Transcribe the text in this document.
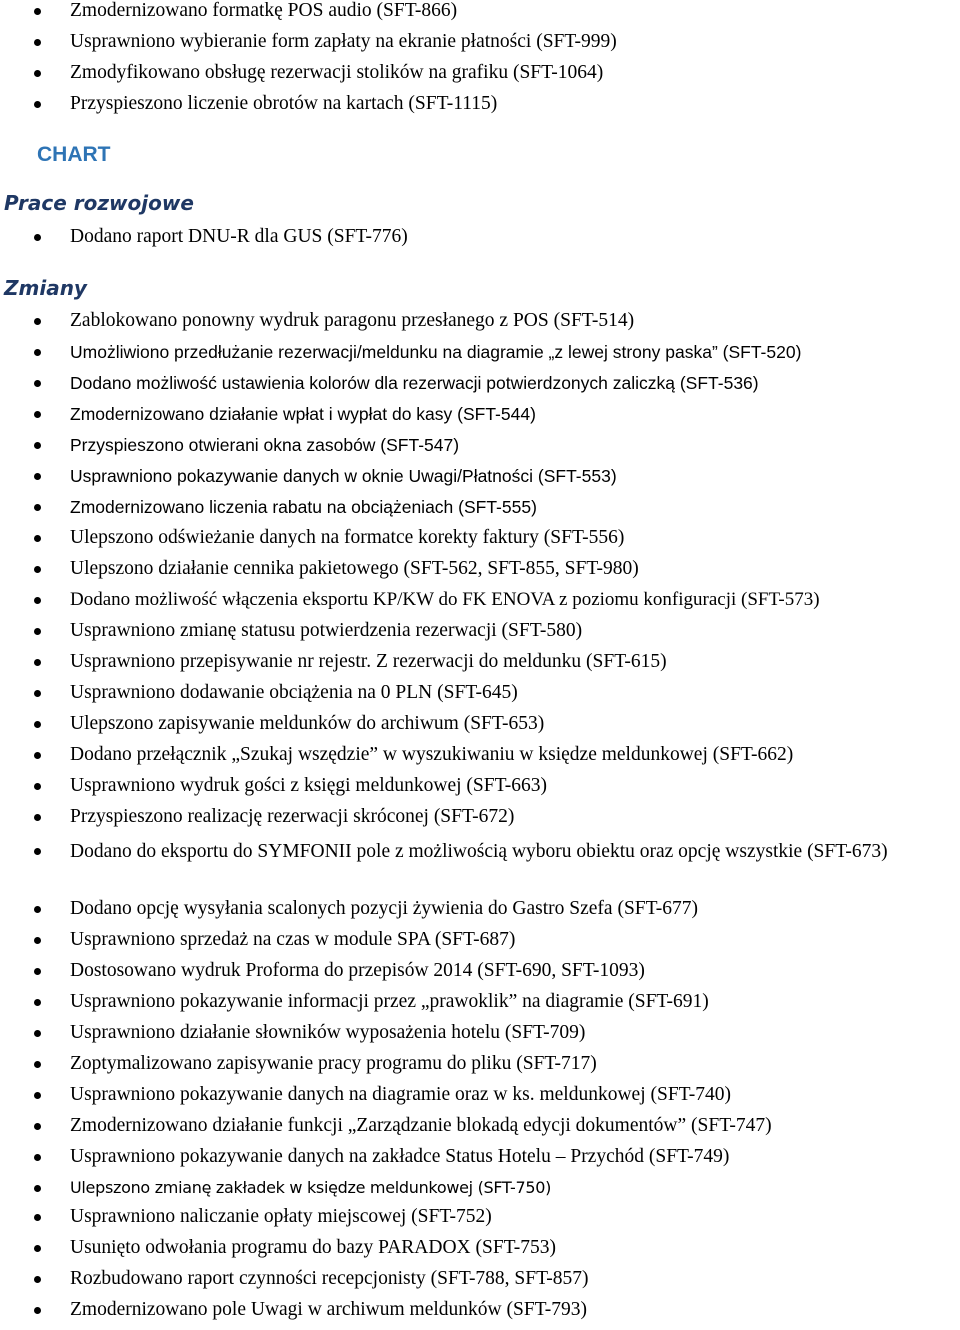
Zmodernizowano formatkę POS audio (SFT-866)
Usprawniono wybieranie form zapłaty na ekranie płatności (SFT-999)
Zmodyfikowano obsługę rezerwacji stolików na grafiku (SFT-1064)
Przyspieszono liczenie obrotów na kartach (SFT-1115)
CHART
Prace rozwojowe
Dodano raport DNU-R dla GUS (SFT-776)
Zmiany
Zablokowano ponowny wydruk paragonu przesłanego z POS (SFT-514)
Umożliwiono przedłużanie rezerwacji/meldunku na diagramie „z lewej strony paska” (SFT-520)
Dodano możliwość ustawienia kolorów dla rezerwacji potwierdzonych zaliczką (SFT-536)
Zmodernizowano działanie wpłat i wypłat do kasy (SFT-544)
Przyspieszono otwierani okna zasobów (SFT-547)
Usprawniono pokazywanie danych w oknie Uwagi/Płatności (SFT-553)
Zmodernizowano liczenia rabatu na obciążeniach (SFT-555)
Ulepszono odświeżanie danych na formatce korekty faktury (SFT-556)
Ulepszono działanie cennika pakietowego (SFT-562, SFT-855, SFT-980)
Dodano możliwość włączenia eksportu KP/KW do FK ENOVA z poziomu konfiguracji (SFT-573)
Usprawniono zmianę statusu potwierdzenia rezerwacji (SFT-580)
Usprawniono przepisywanie nr rejestr. Z rezerwacji do meldunku (SFT-615)
Usprawniono dodawanie obciążenia na 0 PLN (SFT-645)
Ulepszono zapisywanie meldunków do archiwum (SFT-653)
Dodano przełącznik „Szukaj wszędzie” w wyszukiwaniu w księdze meldunkowej (SFT-662)
Usprawniono wydruk gości z księgi meldunkowej (SFT-663)
Przyspieszono realizację rezerwacji skróconej (SFT-672)
Dodano do eksportu do SYMFONII pole z możliwością wyboru obiektu oraz opcję wszystkie (SFT-673)
Dodano opcję wysyłania scalonych pozycji żywienia do Gastro Szefa (SFT-677)
Usprawniono sprzedaż na czas w module SPA (SFT-687)
Dostosowano wydruk Proforma do przepisów 2014 (SFT-690, SFT-1093)
Usprawniono pokazywanie informacji przez „prawoklik” na diagramie (SFT-691)
Usprawniono działanie słowników wyposażenia hotelu (SFT-709)
Zoptymalizowano zapisywanie pracy programu do pliku (SFT-717)
Usprawniono pokazywanie danych na diagramie oraz w ks. meldunkowej (SFT-740)
Zmodernizowano działanie funkcji „Zarządzanie blokadą edycji dokumentów” (SFT-747)
Usprawniono pokazywanie danych na zakładce Status Hotelu – Przychód (SFT-749)
Ulepszono zmianę zakładek w księdze meldunkowej (SFT-750)
Usprawniono naliczanie opłaty miejscowej (SFT-752)
Usunięto odwołania programu do bazy PARADOX (SFT-753)
Rozbudowano raport czynności recepcjonisty (SFT-788, SFT-857)
Zmodernizowano pole Uwagi w archiwum meldunków (SFT-793)
